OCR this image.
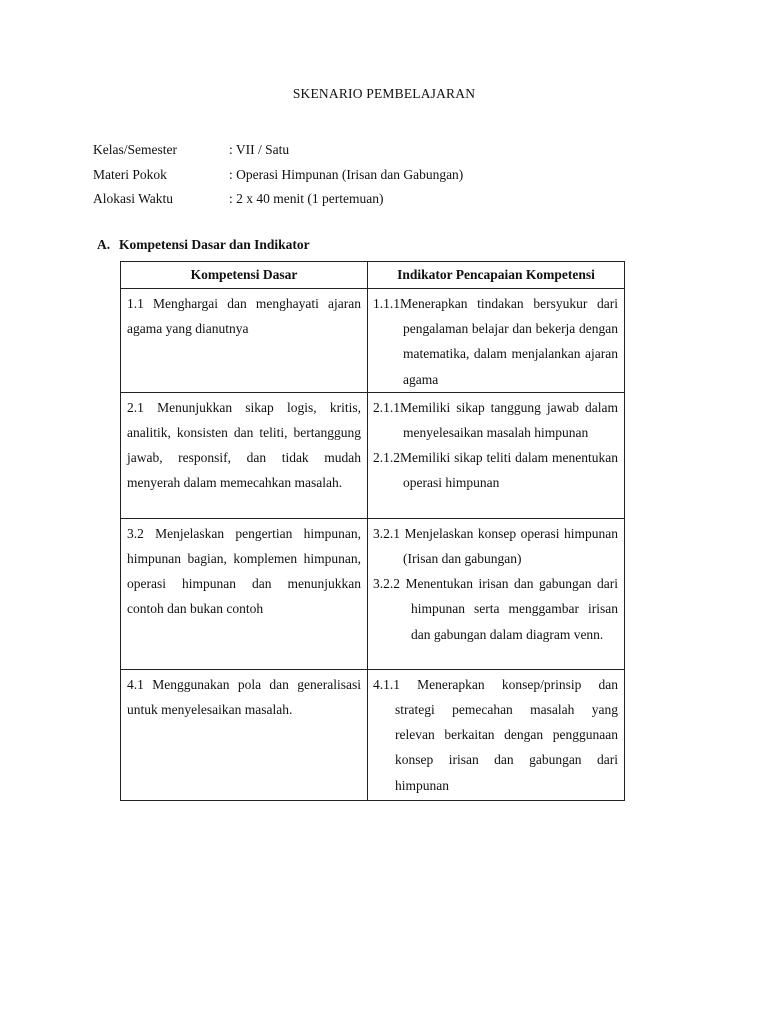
SKENARIO PEMBELAJARAN
Kelas/Semester	: VII / Satu
Materi Pokok	: Operasi Himpunan (Irisan dan Gabungan)
Alokasi Waktu	: 2 x 40 menit (1 pertemuan)
A. Kompetensi Dasar dan Indikator
Kompetensi Dasar	Indikator Pencapaian Kompetensi
1.1 Menghargai dan menghayati ajaran agama yang dianutnya	1.1.1Menerapkan tindakan bersyukur dari pengalaman belajar dan bekerja dengan matematika, dalam menjalankan ajaran agama

2.1 Menunjukkan sikap logis, kritis, analitik, konsisten dan teliti, bertanggung jawab, responsif, dan tidak mudah menyerah dalam memecahkan masalah.	2.1.1Memiliki sikap tanggung jawab dalam menyelesaikan masalah himpunan
2.1.2Memiliki sikap teliti dalam menentukan operasi himpunan

3.2 Menjelaskan pengertian himpunan, himpunan bagian, komplemen himpunan, operasi himpunan dan menunjukkan contoh dan bukan contoh	3.2.1 Menjelaskan konsep operasi himpunan (Irisan dan gabungan)
3.2.2 Menentukan irisan dan gabungan dari himpunan serta menggambar irisan dan gabungan dalam diagram venn.

4.1 Menggunakan pola dan generalisasi untuk menyelesaikan masalah.	4.1.1 Menerapkan konsep/prinsip dan strategi pemecahan masalah yang relevan berkaitan dengan penggunaan konsep irisan dan gabungan dari himpunan
